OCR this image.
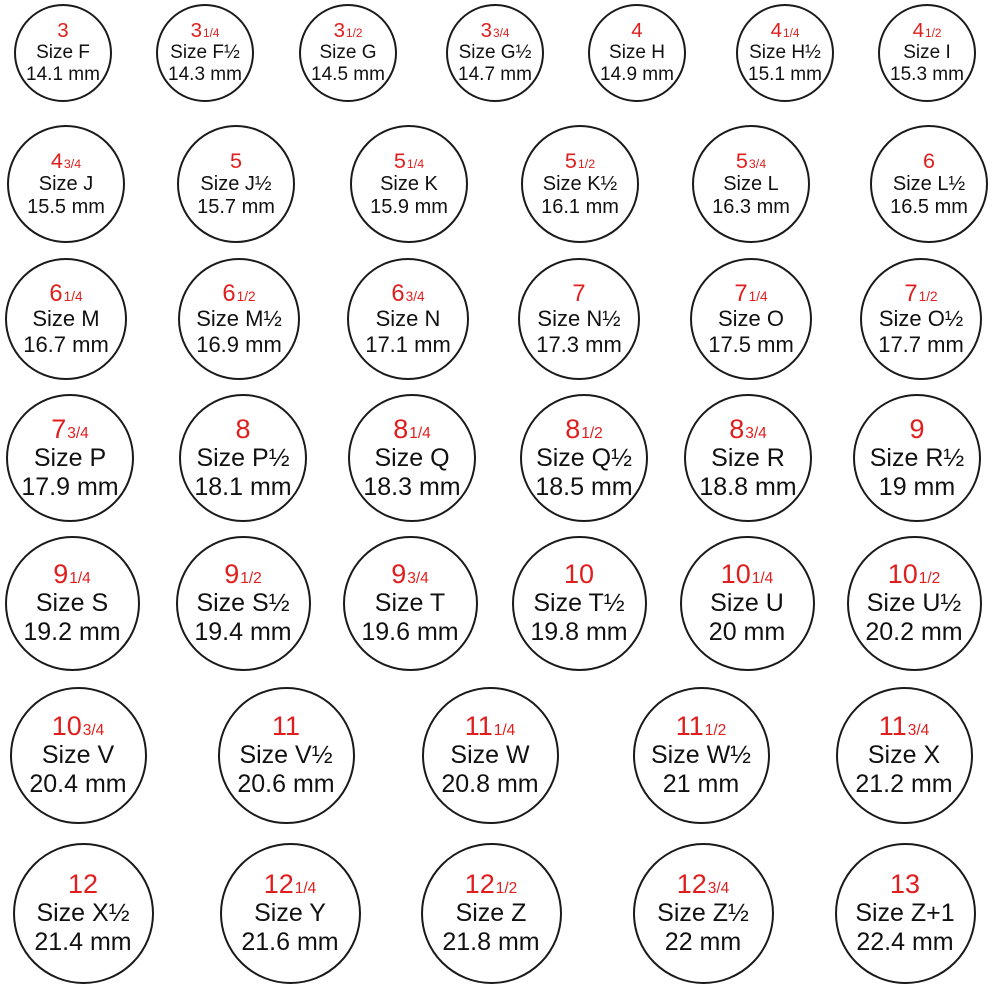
3
Size F
14.1 mm
31/4
Size F½
14.3 mm
31/2
Size G
14.5 mm
33/4
Size G½
14.7 mm
4
Size H
14.9 mm
41/4
Size H½
15.1 mm
41/2
Size I
15.3 mm
43/4
Size J
15.5 mm
5
Size J½
15.7 mm
51/4
Size K
15.9 mm
51/2
Size K½
16.1 mm
53/4
Size L
16.3 mm
6
Size L½
16.5 mm
61/4
Size M
16.7 mm
61/2
Size M½
16.9 mm
63/4
Size N
17.1 mm
7
Size N½
17.3 mm
71/4
Size O
17.5 mm
71/2
Size O½
17.7 mm
73/4
Size P
17.9 mm
8
Size P½
18.1 mm
81/4
Size Q
18.3 mm
81/2
Size Q½
18.5 mm
83/4
Size R
18.8 mm
9
Size R½
19 mm
91/4
Size S
19.2 mm
91/2
Size S½
19.4 mm
93/4
Size T
19.6 mm
10
Size T½
19.8 mm
101/4
Size U
20 mm
101/2
Size U½
20.2 mm
103/4
Size V
20.4 mm
11
Size V½
20.6 mm
111/4
Size W
20.8 mm
111/2
Size W½
21 mm
113/4
Size X
21.2 mm
12
Size X½
21.4 mm
121/4
Size Y
21.6 mm
121/2
Size Z
21.8 mm
123/4
Size Z½
22 mm
13
Size Z+1
22.4 mm
